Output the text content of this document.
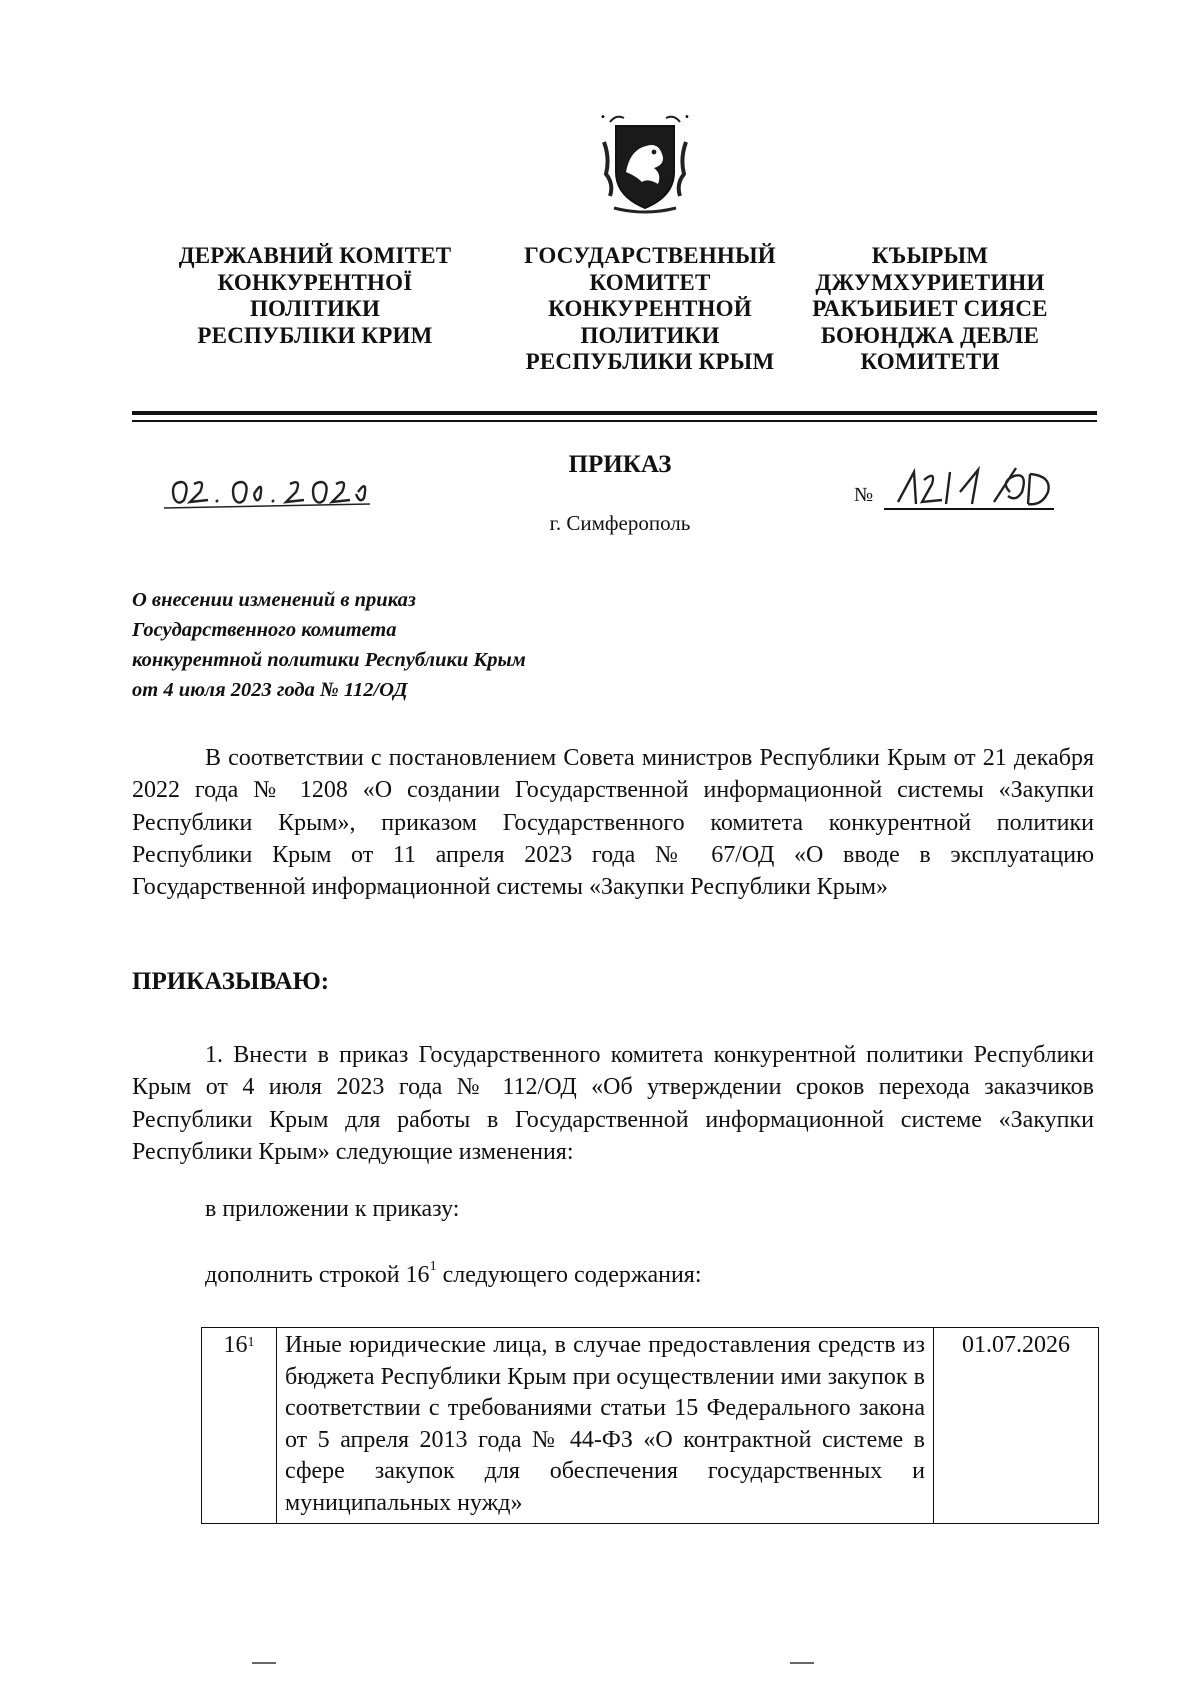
•	•
ДЕРЖАВНИЙ КОМІТЕТ
КОНКУРЕНТНОЇ
ПОЛІТИКИ
РЕСПУБЛІКИ КРИМ
ГОСУДАРСТВЕННЫЙ
КОМИТЕТ
КОНКУРЕНТНОЙ
ПОЛИТИКИ
РЕСПУБЛИКИ КРЫМ
КЪЫРЫМ
ДЖУМХУРИЕТИНИ
РАКЪИБИЕТ СИЯСЕ
БОЮНДЖА ДЕВЛЕ
КОМИТЕТИ
ПРИКАЗ
г. Симферополь
№
О внесении изменений в приказ
Государственного комитета
конкурентной политики Республики Крым
от 4 июля 2023 года № 112/ОД
В соответствии с постановлением Совета министров Республики Крым от 21 декабря 2022 года № 1208 «О создании Государственной информационной системы «Закупки Республики Крым», приказом Государственного комитета конкурентной политики Республики Крым от 11 апреля 2023 года № 67/ОД «О вводе в эксплуатацию Государственной информационной системы «Закупки Республики Крым»
ПРИКАЗЫВАЮ:
1. Внести в приказ Государственного комитета конкурентной политики Республики Крым от 4 июля 2023 года № 112/ОД «Об утверждении сроков перехода заказчиков Республики Крым для работы в Государственной информационной системе «Закупки Республики Крым» следующие изменения:
в приложении к приказу:
дополнить строкой $16^1$ следующего содержания:
$16^1$	Иные юридические лица, в случае предоставления средств из бюджета Республики Крым при осуществлении ими закупок в соответствии с требованиями статьи 15 Федерального закона от 5 апреля 2013 года № 44-ФЗ «О контрактной системе в сфере закупок для обеспечения государственных и муниципальных нужд»	01.07.2026
